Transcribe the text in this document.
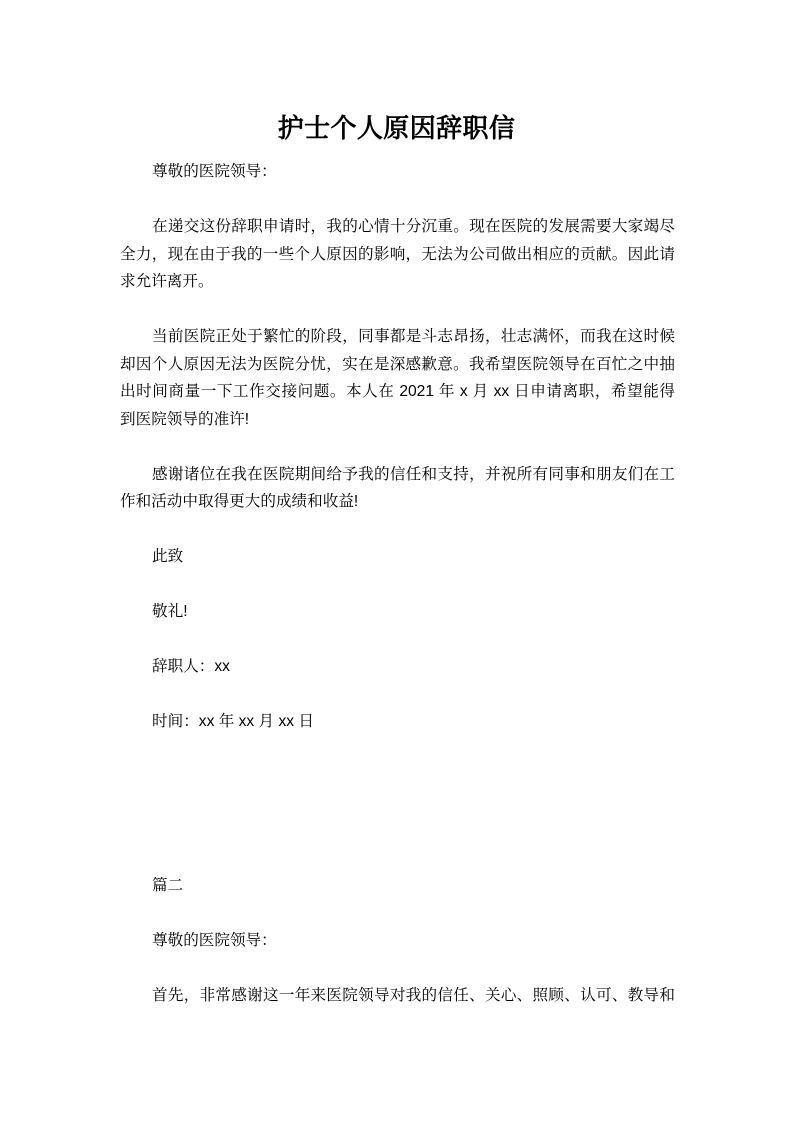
护士个人原因辞职信
尊敬的医院领导：
在递交这份辞职申请时，我的心情十分沉重。现在医院的发展需要大家竭尽
全力，现在由于我的一些个人原因的影响，无法为公司做出相应的贡献。因此请
求允许离开。
当前医院正处于繁忙的阶段，同事都是斗志昂扬，壮志满怀，而我在这时候
却因个人原因无法为医院分忧，实在是深感歉意。我希望医院领导在百忙之中抽
出时间商量一下工作交接问题。本人在 2021 年 x 月 xx 日申请离职，希望能得
到医院领导的准许!
感谢诸位在我在医院期间给予我的信任和支持，并祝所有同事和朋友们在工
作和活动中取得更大的成绩和收益!
此致
敬礼!
辞职人：xx
时间：xx 年 xx 月 xx 日
篇二
尊敬的医院领导：
首先，非常感谢这一年来医院领导对我的信任、关心、照顾、认可、教导和
